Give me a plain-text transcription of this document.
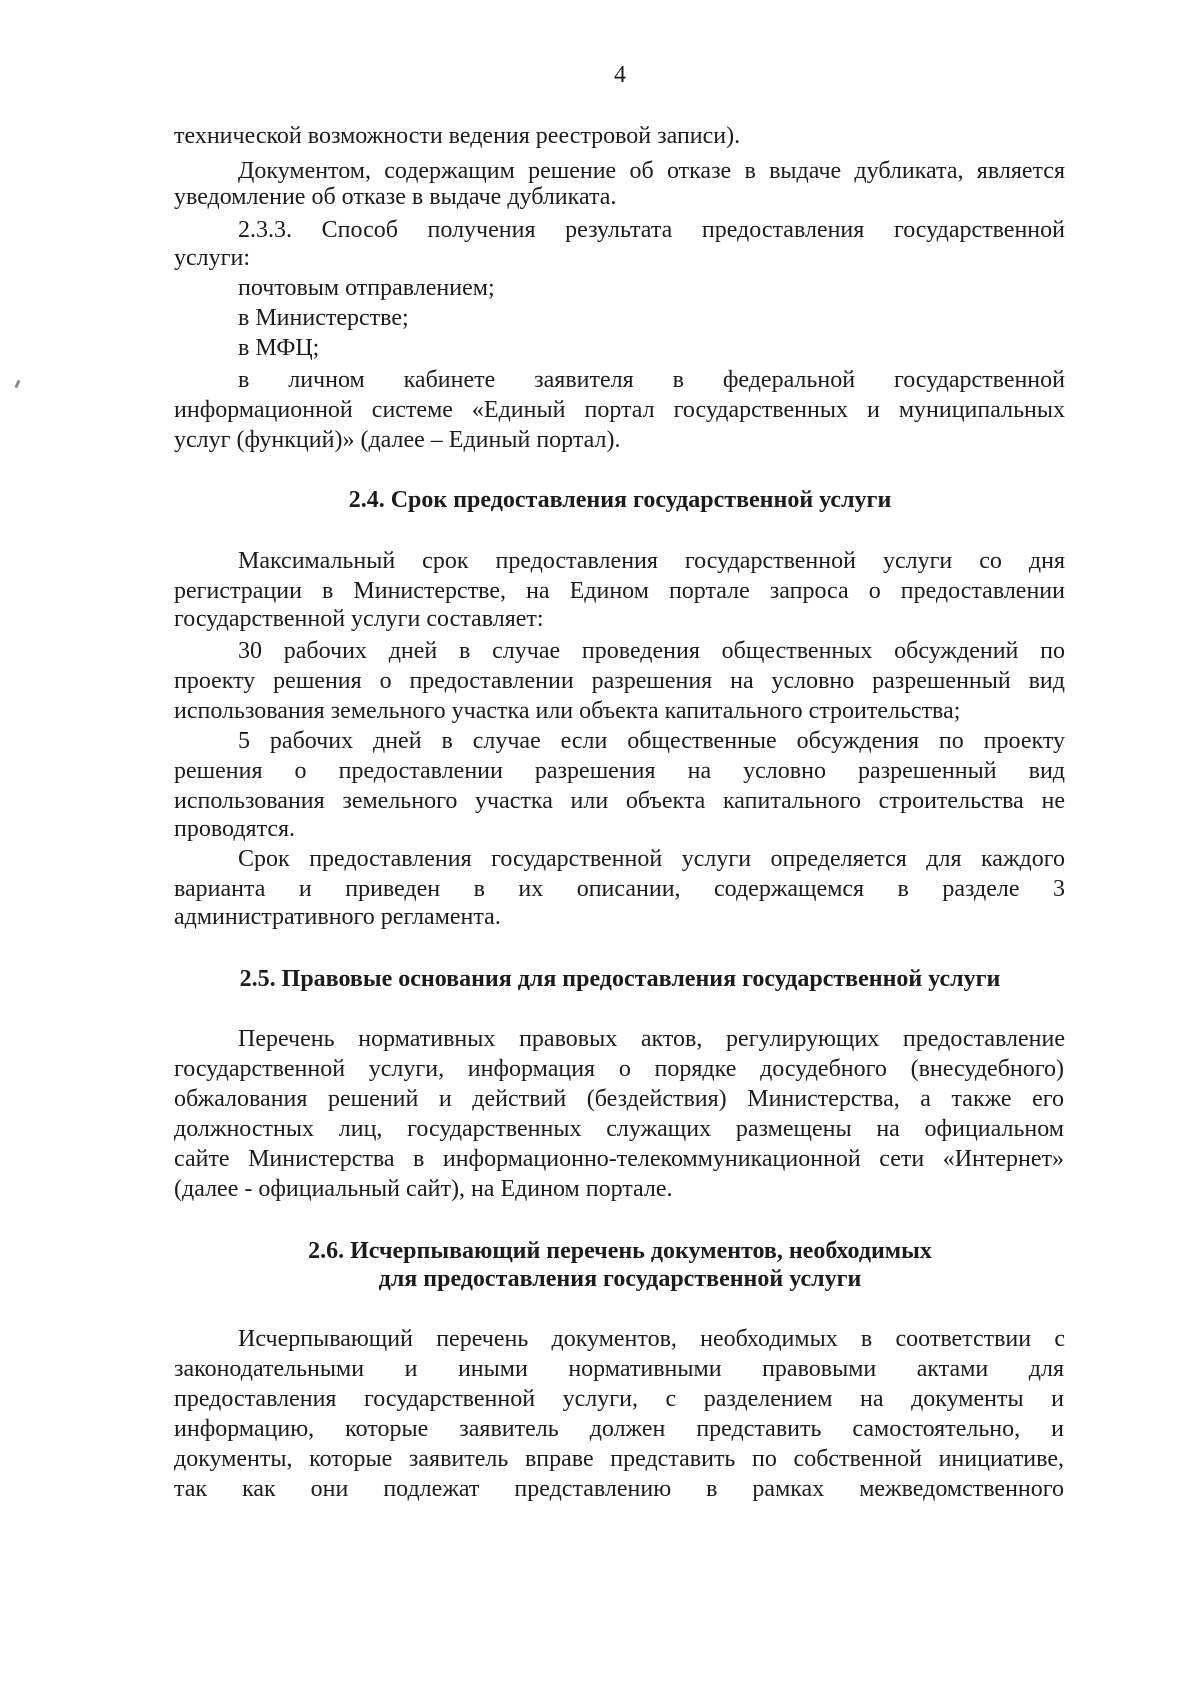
4
технической возможности ведения реестровой записи).
Документом, содержащим решение об отказе в выдаче дубликата, является
уведомление об отказе в выдаче дубликата.
2.3.3. Способ получения результата предоставления государственной
услуги:
почтовым отправлением;
в Министерстве;
в МФЦ;
в личном кабинете заявителя в федеральной государственной
информационной системе «Единый портал государственных и муниципальных
услуг (функций)» (далее – Единый портал).
2.4. Срок предоставления государственной услуги
Максимальный срок предоставления государственной услуги со дня
регистрации в Министерстве, на Едином портале запроса о предоставлении
государственной услуги составляет:
30 рабочих дней в случае проведения общественных обсуждений по
проекту решения о предоставлении разрешения на условно разрешенный вид
использования земельного участка или объекта капитального строительства;
5 рабочих дней в случае если общественные обсуждения по проекту
решения о предоставлении разрешения на условно разрешенный вид
использования земельного участка или объекта капитального строительства не
проводятся.
Срок предоставления государственной услуги определяется для каждого
варианта и приведен в их описании, содержащемся в разделе 3
административного регламента.
2.5. Правовые основания для предоставления государственной услуги
Перечень нормативных правовых актов, регулирующих предоставление
государственной услуги, информация о порядке досудебного (внесудебного)
обжалования решений и действий (бездействия) Министерства, а также его
должностных лиц, государственных служащих размещены на официальном
сайте Министерства в информационно-телекоммуникационной сети «Интернет»
(далее - официальный сайт), на Едином портале.
2.6. Исчерпывающий перечень документов, необходимых
для предоставления государственной услуги
Исчерпывающий перечень документов, необходимых в соответствии с
законодательными и иными нормативными правовыми актами для
предоставления государственной услуги, с разделением на документы и
информацию, которые заявитель должен представить самостоятельно, и
документы, которые заявитель вправе представить по собственной инициативе,
так как они подлежат представлению в рамках межведомственного
